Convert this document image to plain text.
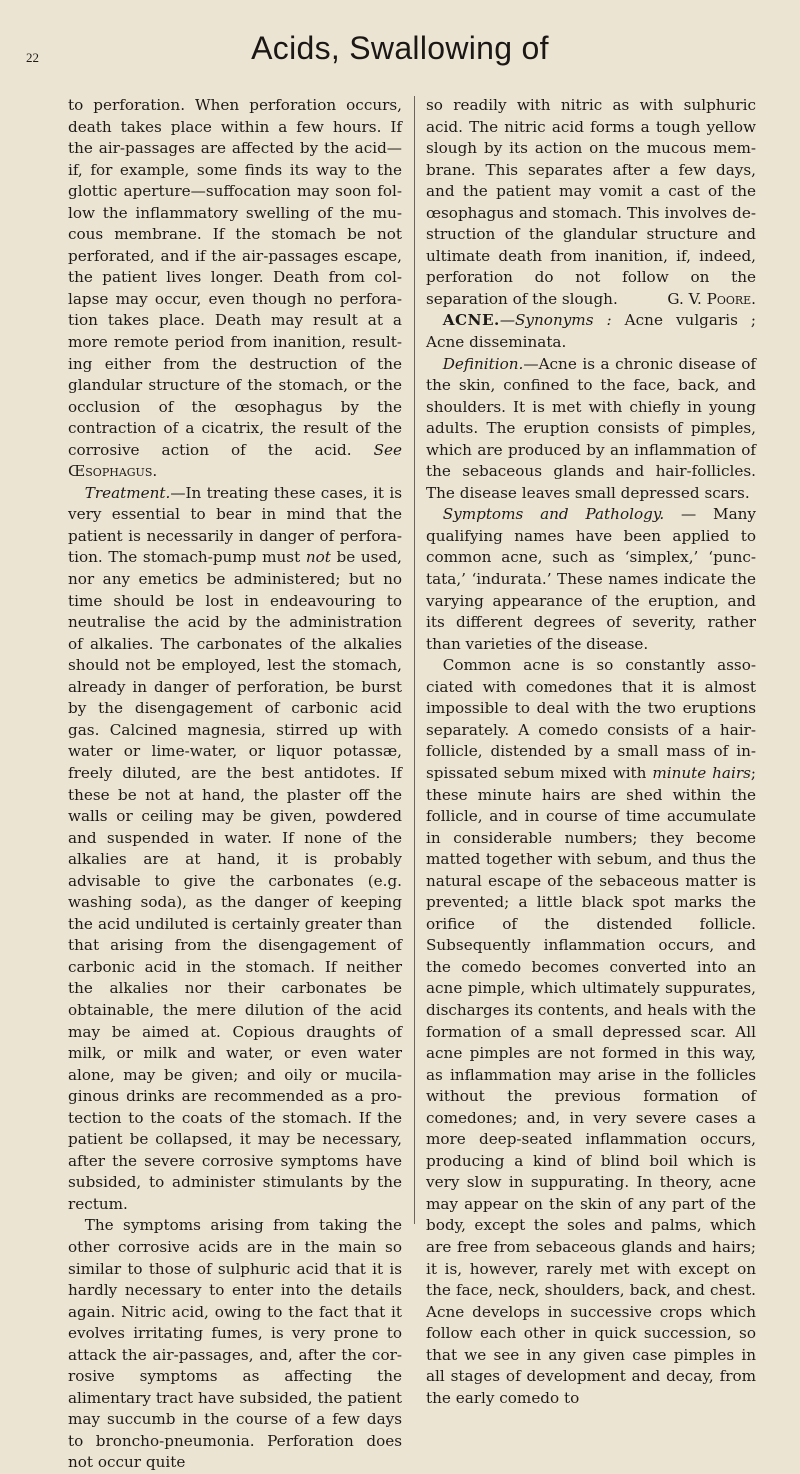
22	Acids, Swallowing of

to perforation. When perforation occurs, death takes place within a few hours. If the air-passages are affected by the acid— if, for example, some finds its way to the glottic aperture—suffocation may soon follow the inflammatory swelling of the mucous membrane. If the stomach be not perforated, and if the air-passages escape, the patient lives longer. Death from collapse may occur, even though no perforation takes place. Death may result at a more remote period from inanition, resulting either from the destruction of the glandular structure of the stomach, or the occlusion of the œsophagus by the contraction of a cicatrix, the result of the corrosive action of the acid. See Œsophagus.

Treatment.—In treating these cases, it is very essential to bear in mind that the patient is necessarily in danger of perforation. The stomach-pump must not be used, nor any emetics be administered; but no time should be lost in endeavouring to neutralise the acid by the administration of alkalies. The carbonates of the alkalies should not be employed, lest the stomach, already in danger of perforation, be burst by the disengagement of carbonic acid gas. Calcined magnesia, stirred up with water or lime-water, or liquor potassæ, freely diluted, are the best antidotes. If these be not at hand, the plaster off the walls or ceiling may be given, powdered and suspended in water. If none of the alkalies are at hand, it is probably advisable to give the carbonates (e.g. washing soda), as the danger of keeping the acid undiluted is certainly greater than that arising from the disengagement of carbonic acid in the stomach. If neither the alkalies nor their carbonates be obtainable, the mere dilution of the acid may be aimed at. Copious draughts of milk, or milk and water, or even water alone, may be given; and oily or mucilaginous drinks are recommended as a protection to the coats of the stomach. If the patient be collapsed, it may be necessary, after the severe corrosive symptoms have subsided, to administer stimulants by the rectum.

The symptoms arising from taking the other corrosive acids are in the main so similar to those of sulphuric acid that it is hardly necessary to enter into the details again. Nitric acid, owing to the fact that it evolves irritating fumes, is very prone to attack the air-passages, and, after the corrosive symptoms as affecting the alimentary tract have subsided, the patient may succumb in the course of a few days to broncho-pneumonia. Perforation does not occur quite

so readily with nitric as with sulphuric acid. The nitric acid forms a tough yellow slough by its action on the mucous membrane. This separates after a few days, and the patient may vomit a cast of the œsophagus and stomach. This involves destruction of the glandular structure and ultimate death from inanition, if, indeed, perforation do not follow on the separation of the slough.	G. V. Poore.

ACNE.—Synonyms : Acne vulgaris ; Acne disseminata.

Definition.—Acne is a chronic disease of the skin, confined to the face, back, and shoulders. It is met with chiefly in young adults. The eruption consists of pimples, which are produced by an inflammation of the sebaceous glands and hair-follicles. The disease leaves small depressed scars.

Symptoms and Pathology. — Many qualifying names have been applied to common acne, such as ‘simplex,’ ‘punctata,’ ‘indurata.’ These names indicate the varying appearance of the eruption, and its different degrees of severity, rather than varieties of the disease.

Common acne is so constantly associated with comedones that it is almost impossible to deal with the two eruptions separately. A comedo consists of a hair-follicle, distended by a small mass of inspissated sebum mixed with minute hairs; these minute hairs are shed within the follicle, and in course of time accumulate in considerable numbers; they become matted together with sebum, and thus the natural escape of the sebaceous matter is prevented; a little black spot marks the orifice of the distended follicle. Subsequently inflammation occurs, and the comedo becomes converted into an acne pimple, which ultimately suppurates, discharges its contents, and heals with the formation of a small depressed scar. All acne pimples are not formed in this way, as inflammation may arise in the follicles without the previous formation of comedones; and, in very severe cases a more deep-seated inflammation occurs, producing a kind of blind boil which is very slow in suppurating. In theory, acne may appear on the skin of any part of the body, except the soles and palms, which are free from sebaceous glands and hairs; it is, however, rarely met with except on the face, neck, shoulders, back, and chest. Acne develops in successive crops which follow each other in quick succession, so that we see in any given case pimples in all stages of development and decay, from the early comedo to
